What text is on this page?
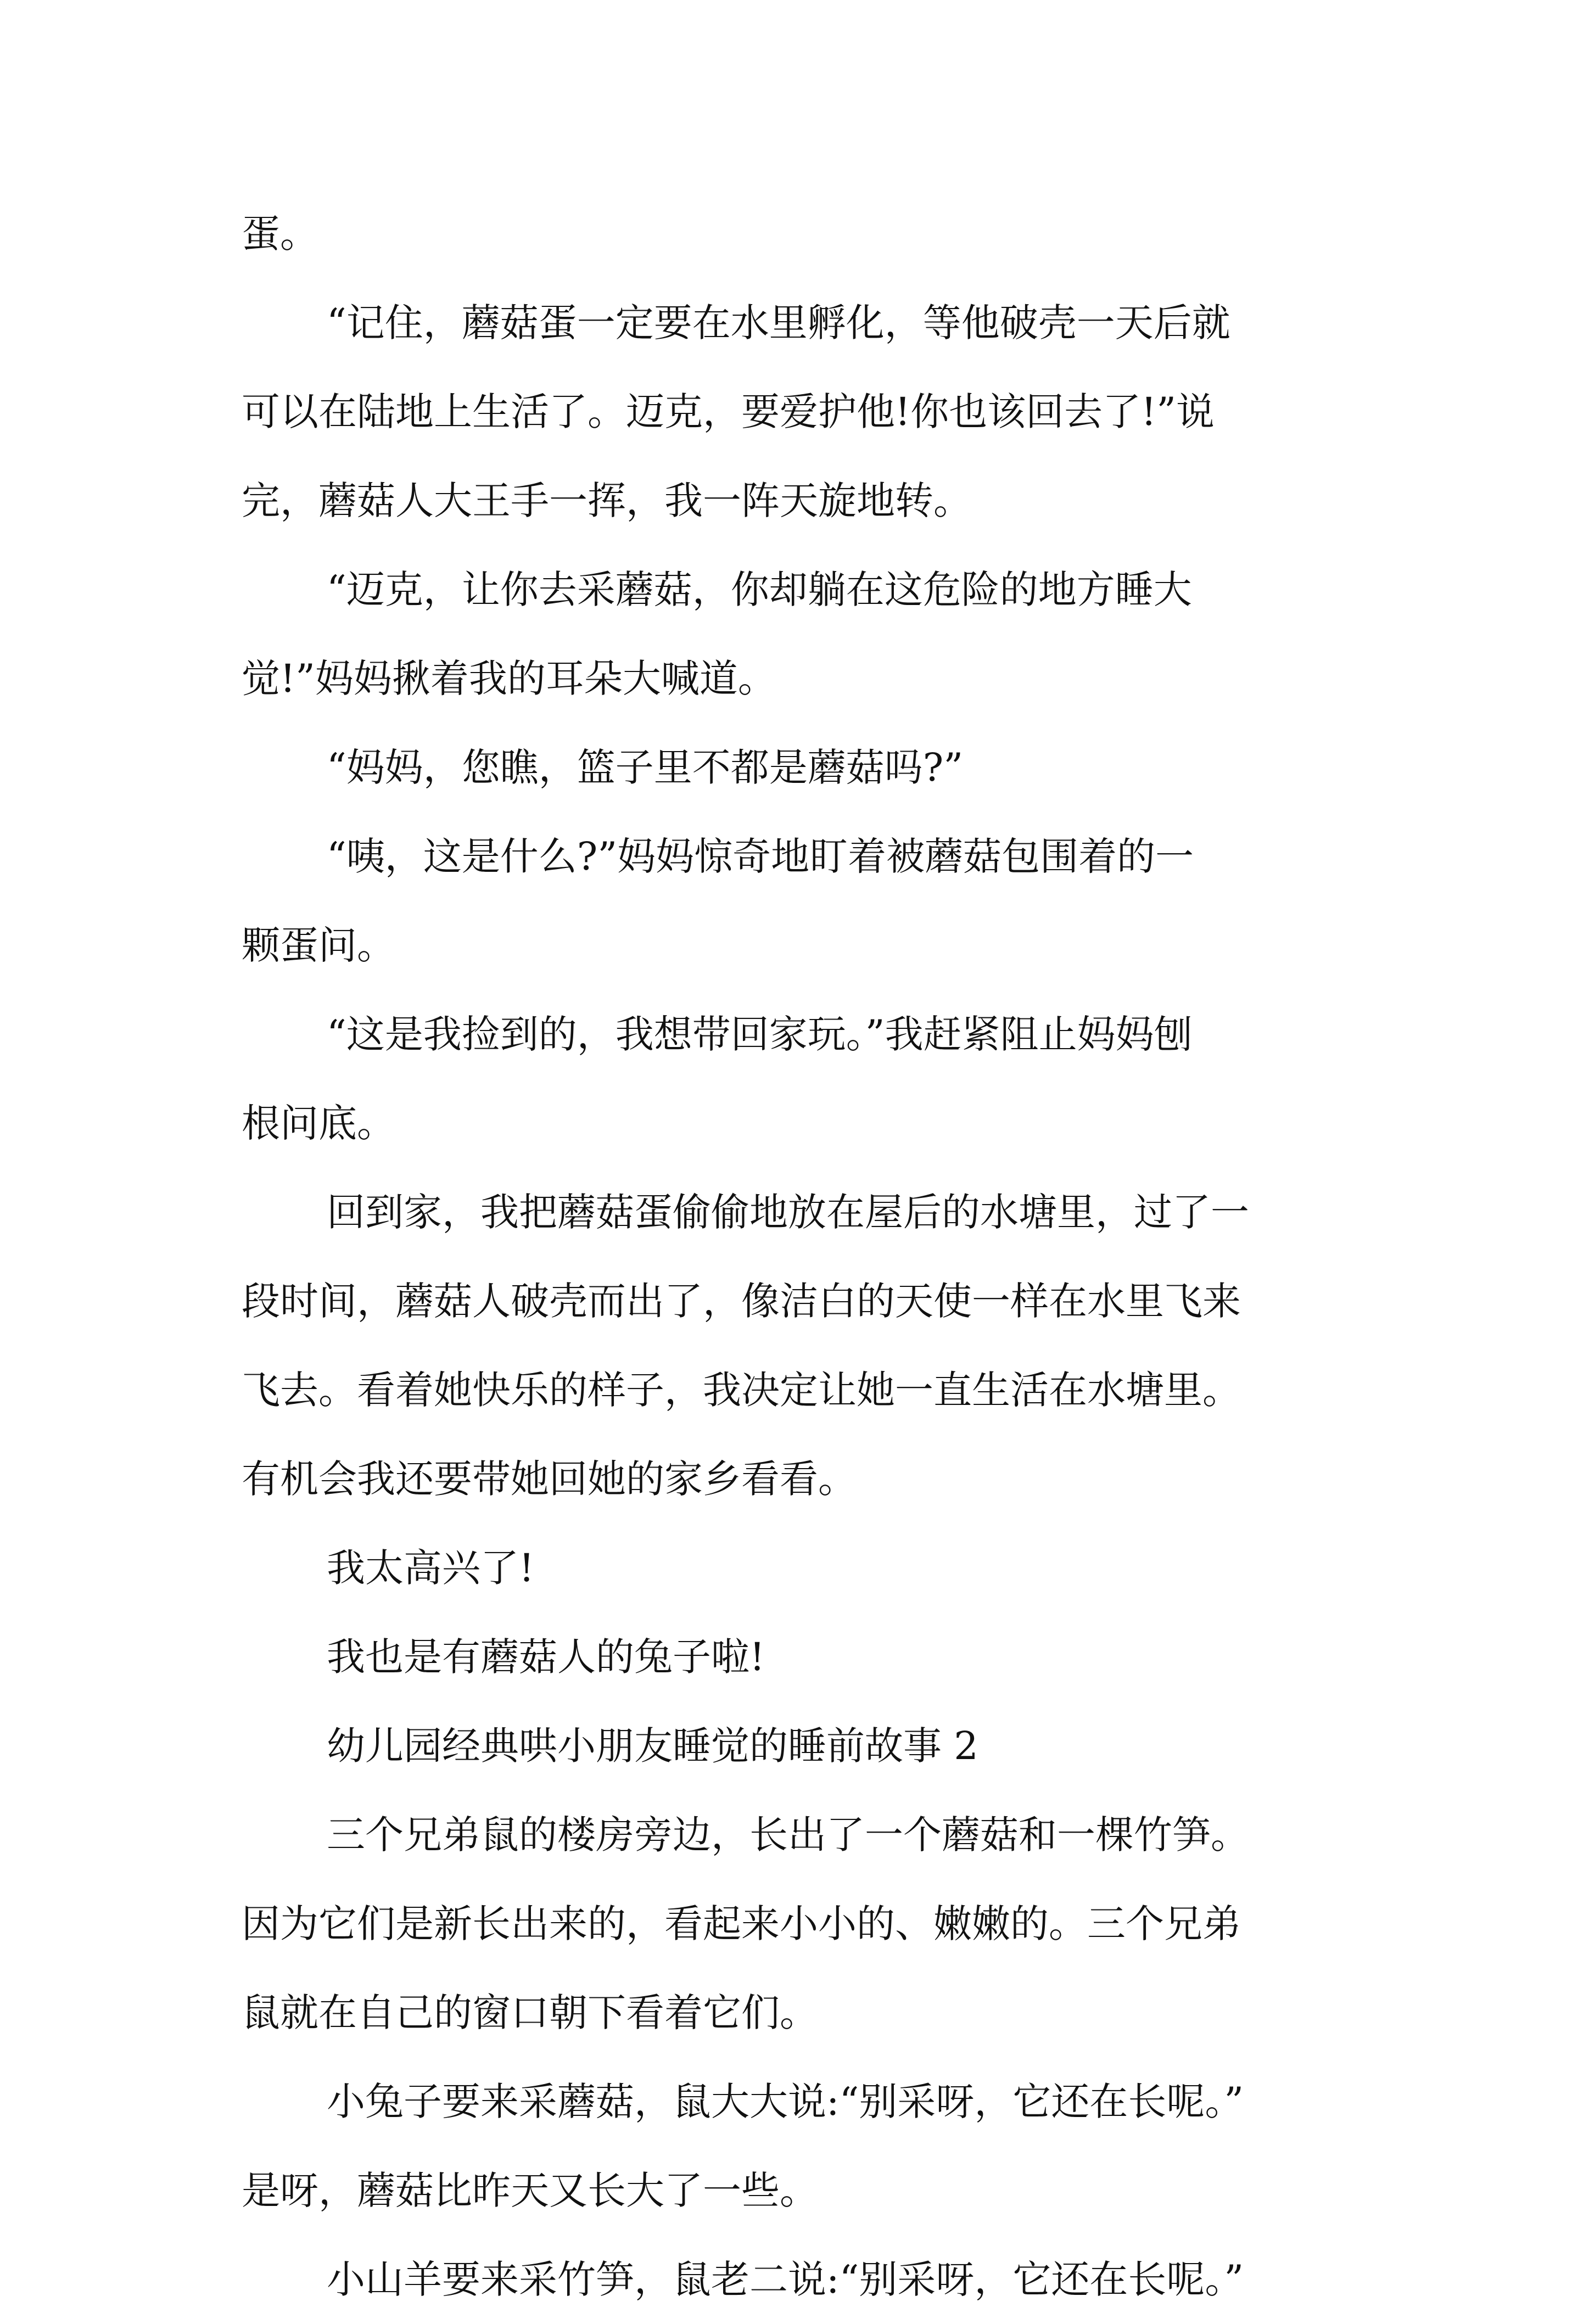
蛋。
“记住，蘑菇蛋一定要在水里孵化，等他破壳一天后就
可以在陆地上生活了。迈克，要爱护他!你也该回去了!”说
完，蘑菇人大王手一挥，我一阵天旋地转。
“迈克，让你去采蘑菇，你却躺在这危险的地方睡大
觉!”妈妈揪着我的耳朵大喊道。
“妈妈，您瞧，篮子里不都是蘑菇吗?”
“咦，这是什么?”妈妈惊奇地盯着被蘑菇包围着的一
颗蛋问。
“这是我捡到的，我想带回家玩。”我赶紧阻止妈妈刨
根问底。
回到家，我把蘑菇蛋偷偷地放在屋后的水塘里，过了一
段时间，蘑菇人破壳而出了，像洁白的天使一样在水里飞来
飞去。看着她快乐的样子，我决定让她一直生活在水塘里。
有机会我还要带她回她的家乡看看。
我太高兴了!
我也是有蘑菇人的兔子啦!
幼儿园经典哄小朋友睡觉的睡前故事 2
三个兄弟鼠的楼房旁边，长出了一个蘑菇和一棵竹笋。
因为它们是新长出来的，看起来小小的、嫩嫩的。三个兄弟
鼠就在自己的窗口朝下看着它们。
小兔子要来采蘑菇，鼠大大说:“别采呀，它还在长呢。”
是呀，蘑菇比昨天又长大了一些。
小山羊要来采竹笋，鼠老二说:“别采呀，它还在长呢。”
